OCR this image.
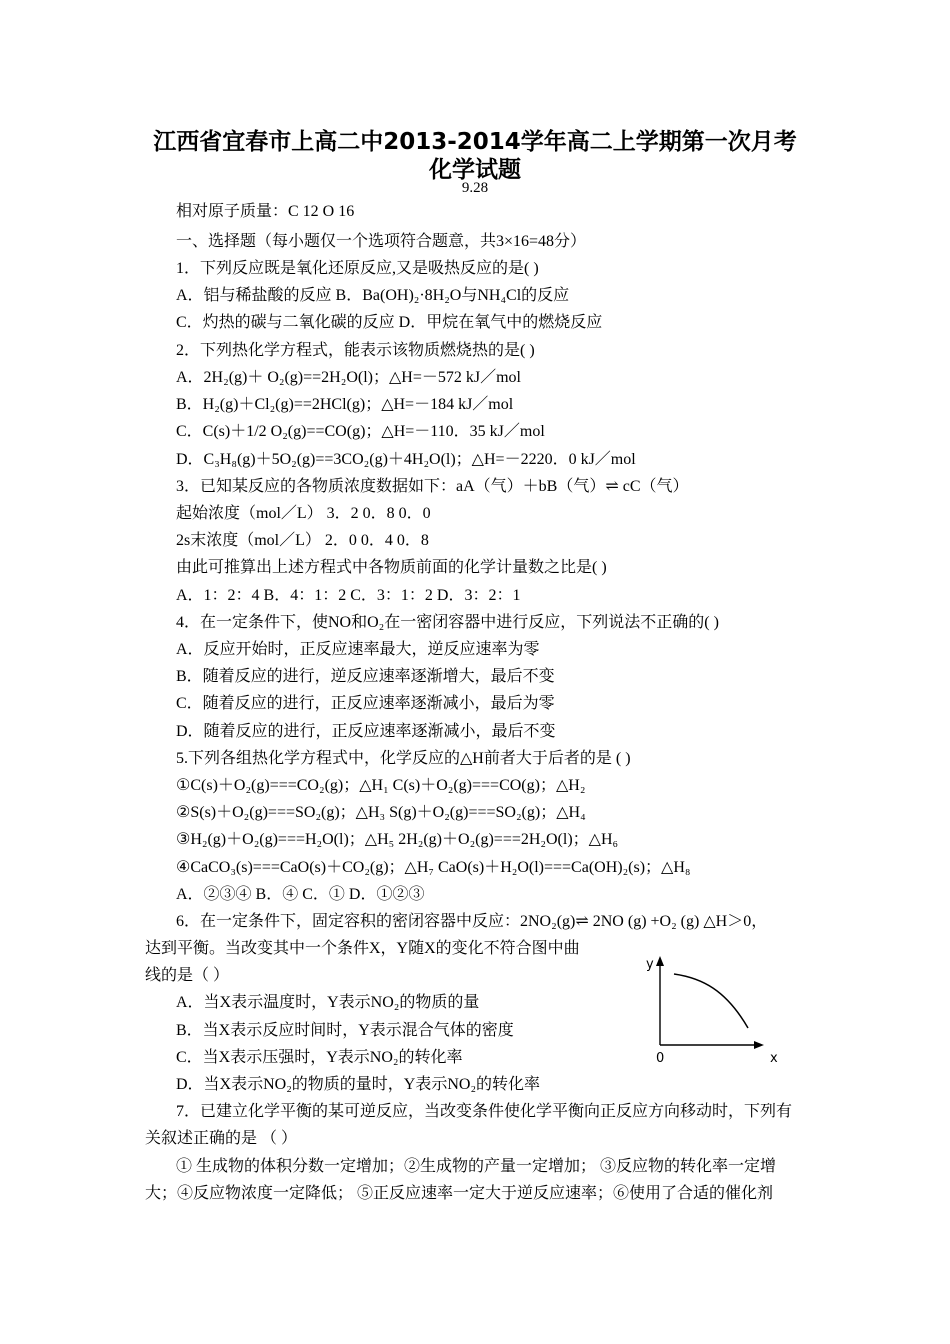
江西省宜春市上高二中2013-2014学年高二上学期第一次月考
化学试题
9.28
相对原子质量：C 12 O 16
一、选择题（每小题仅一个选项符合题意，共3×16=48分）
1．下列反应既是氧化还原反应,又是吸热反应的是( )
A．铝与稀盐酸的反应 B．Ba(OH)₂·8H₂O与NH₄Cl的反应
C．灼热的碳与二氧化碳的反应 D．甲烷在氧气中的燃烧反应
2．下列热化学方程式，能表示该物质燃烧热的是( )
A．2H₂(g)＋ O₂(g)==2H₂O(l)；△H=－572 kJ／mol
B．H₂(g)＋Cl₂(g)==2HCl(g)；△H=－184 kJ／mol
C．C(s)＋1/2 O₂(g)==CO(g)；△H=－110．35 kJ／mol
D．C₃H₈(g)＋5O₂(g)==3CO₂(g)＋4H₂O(l)；△H=－2220．0 kJ／mol
3．已知某反应的各物质浓度数据如下：aA（气）＋bB（气）⇌ cC（气）
起始浓度（mol／L） 3．2 0．8 0．0
2s末浓度（mol／L） 2．0 0．4 0．8
由此可推算出上述方程式中各物质前面的化学计量数之比是( )
A．1：2：4 B．4：1：2 C．3：1：2 D．3：2：1
4．在一定条件下，使NO和O₂在一密闭容器中进行反应，下列说法不正确的( )
A．反应开始时，正反应速率最大，逆反应速率为零
B．随着反应的进行，逆反应速率逐渐增大，最后不变
C．随着反应的进行，正反应速率逐渐减小，最后为零
D．随着反应的进行，正反应速率逐渐减小，最后不变
5.下列各组热化学方程式中，化学反应的△H前者大于后者的是 ( )
①C(s)＋O₂(g)===CO₂(g)；△H₁ C(s)＋O₂(g)===CO(g)；△H₂
②S(s)＋O₂(g)===SO₂(g)；△H₃ S(g)＋O₂(g)===SO₂(g)；△H₄
③H₂(g)＋O₂(g)===H₂O(l)；△H₅ 2H₂(g)＋O₂(g)===2H₂O(l)；△H₆
④CaCO₃(s)===CaO(s)＋CO₂(g)；△H₇ CaO(s)＋H₂O(l)===Ca(OH)₂(s)；△H₈
A．②③④ B．④ C．① D．①②③
6．在一定条件下，固定容积的密闭容器中反应：2NO₂(g)⇌ 2NO (g) +O₂ (g) △H＞0，
达到平衡。当改变其中一个条件X，Y随X的变化不符合图中曲
线的是（ ）
A．当X表示温度时，Y表示NO₂的物质的量
B．当X表示反应时间时，Y表示混合气体的密度
C．当X表示压强时，Y表示NO₂的转化率
D．当X表示NO₂的物质的量时，Y表示NO₂的转化率
7．已建立化学平衡的某可逆反应，当改变条件使化学平衡向正反应方向移动时，下列有
关叙述正确的是 （ ）
① 生成物的体积分数一定增加；②生成物的产量一定增加； ③反应物的转化率一定增
大；④反应物浓度一定降低； ⑤正反应速率一定大于逆反应速率；⑥使用了合适的催化剂
y
0	x
